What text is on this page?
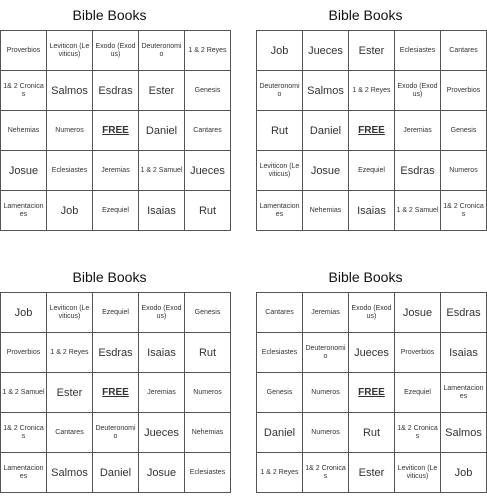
Bible Books
Proverbios	Leviticon (Leviticus)	Exodo (Exodus)	Deuteronomio	1 & 2 Reyes
1& 2 Cronicas	Salmos	Esdras	Ester	Genesis
Nehemias	Numeros	FREE	Daniel	Cantares
Josue	Eclesiastes	Jeremias	1 & 2 Samuel	Jueces
Lamentaciones	Job	Ezequiel	Isaias	Rut
Bible Books
Job	Jueces	Ester	Eclesiastes	Cantares
Deuteronomio	Salmos	1 & 2 Reyes	Exodo (Exodus)	Proverbios
Rut	Daniel	FREE	Jeremias	Genesis
Leviticon (Leviticus)	Josue	Ezequiel	Esdras	Numeros
Lamentaciones	Nehemias	Isaias	1 & 2 Samuel	1& 2 Cronicas
Bible Books
Job	Leviticon (Leviticus)	Ezequiel	Exodo (Exodus)	Genesis
Proverbios	1 & 2 Reyes	Esdras	Isaias	Rut
1 & 2 Samuel	Ester	FREE	Jeremias	Numeros
1& 2 Cronicas	Cantares	Deuteronomio	Jueces	Nehemias
Lamentaciones	Salmos	Daniel	Josue	Eclesiastes
Bible Books
Cantares	Jeremias	Exodo (Exodus)	Josue	Esdras
Eclesiastes	Deuteronomio	Jueces	Proverbios	Isaias
Genesis	Numeros	FREE	Ezequiel	Lamentaciones
Daniel	Numeros	Rut	1& 2 Cronicas	Salmos
1 & 2 Reyes	1& 2 Cronicas	Ester	Leviticon (Leviticus)	Job
